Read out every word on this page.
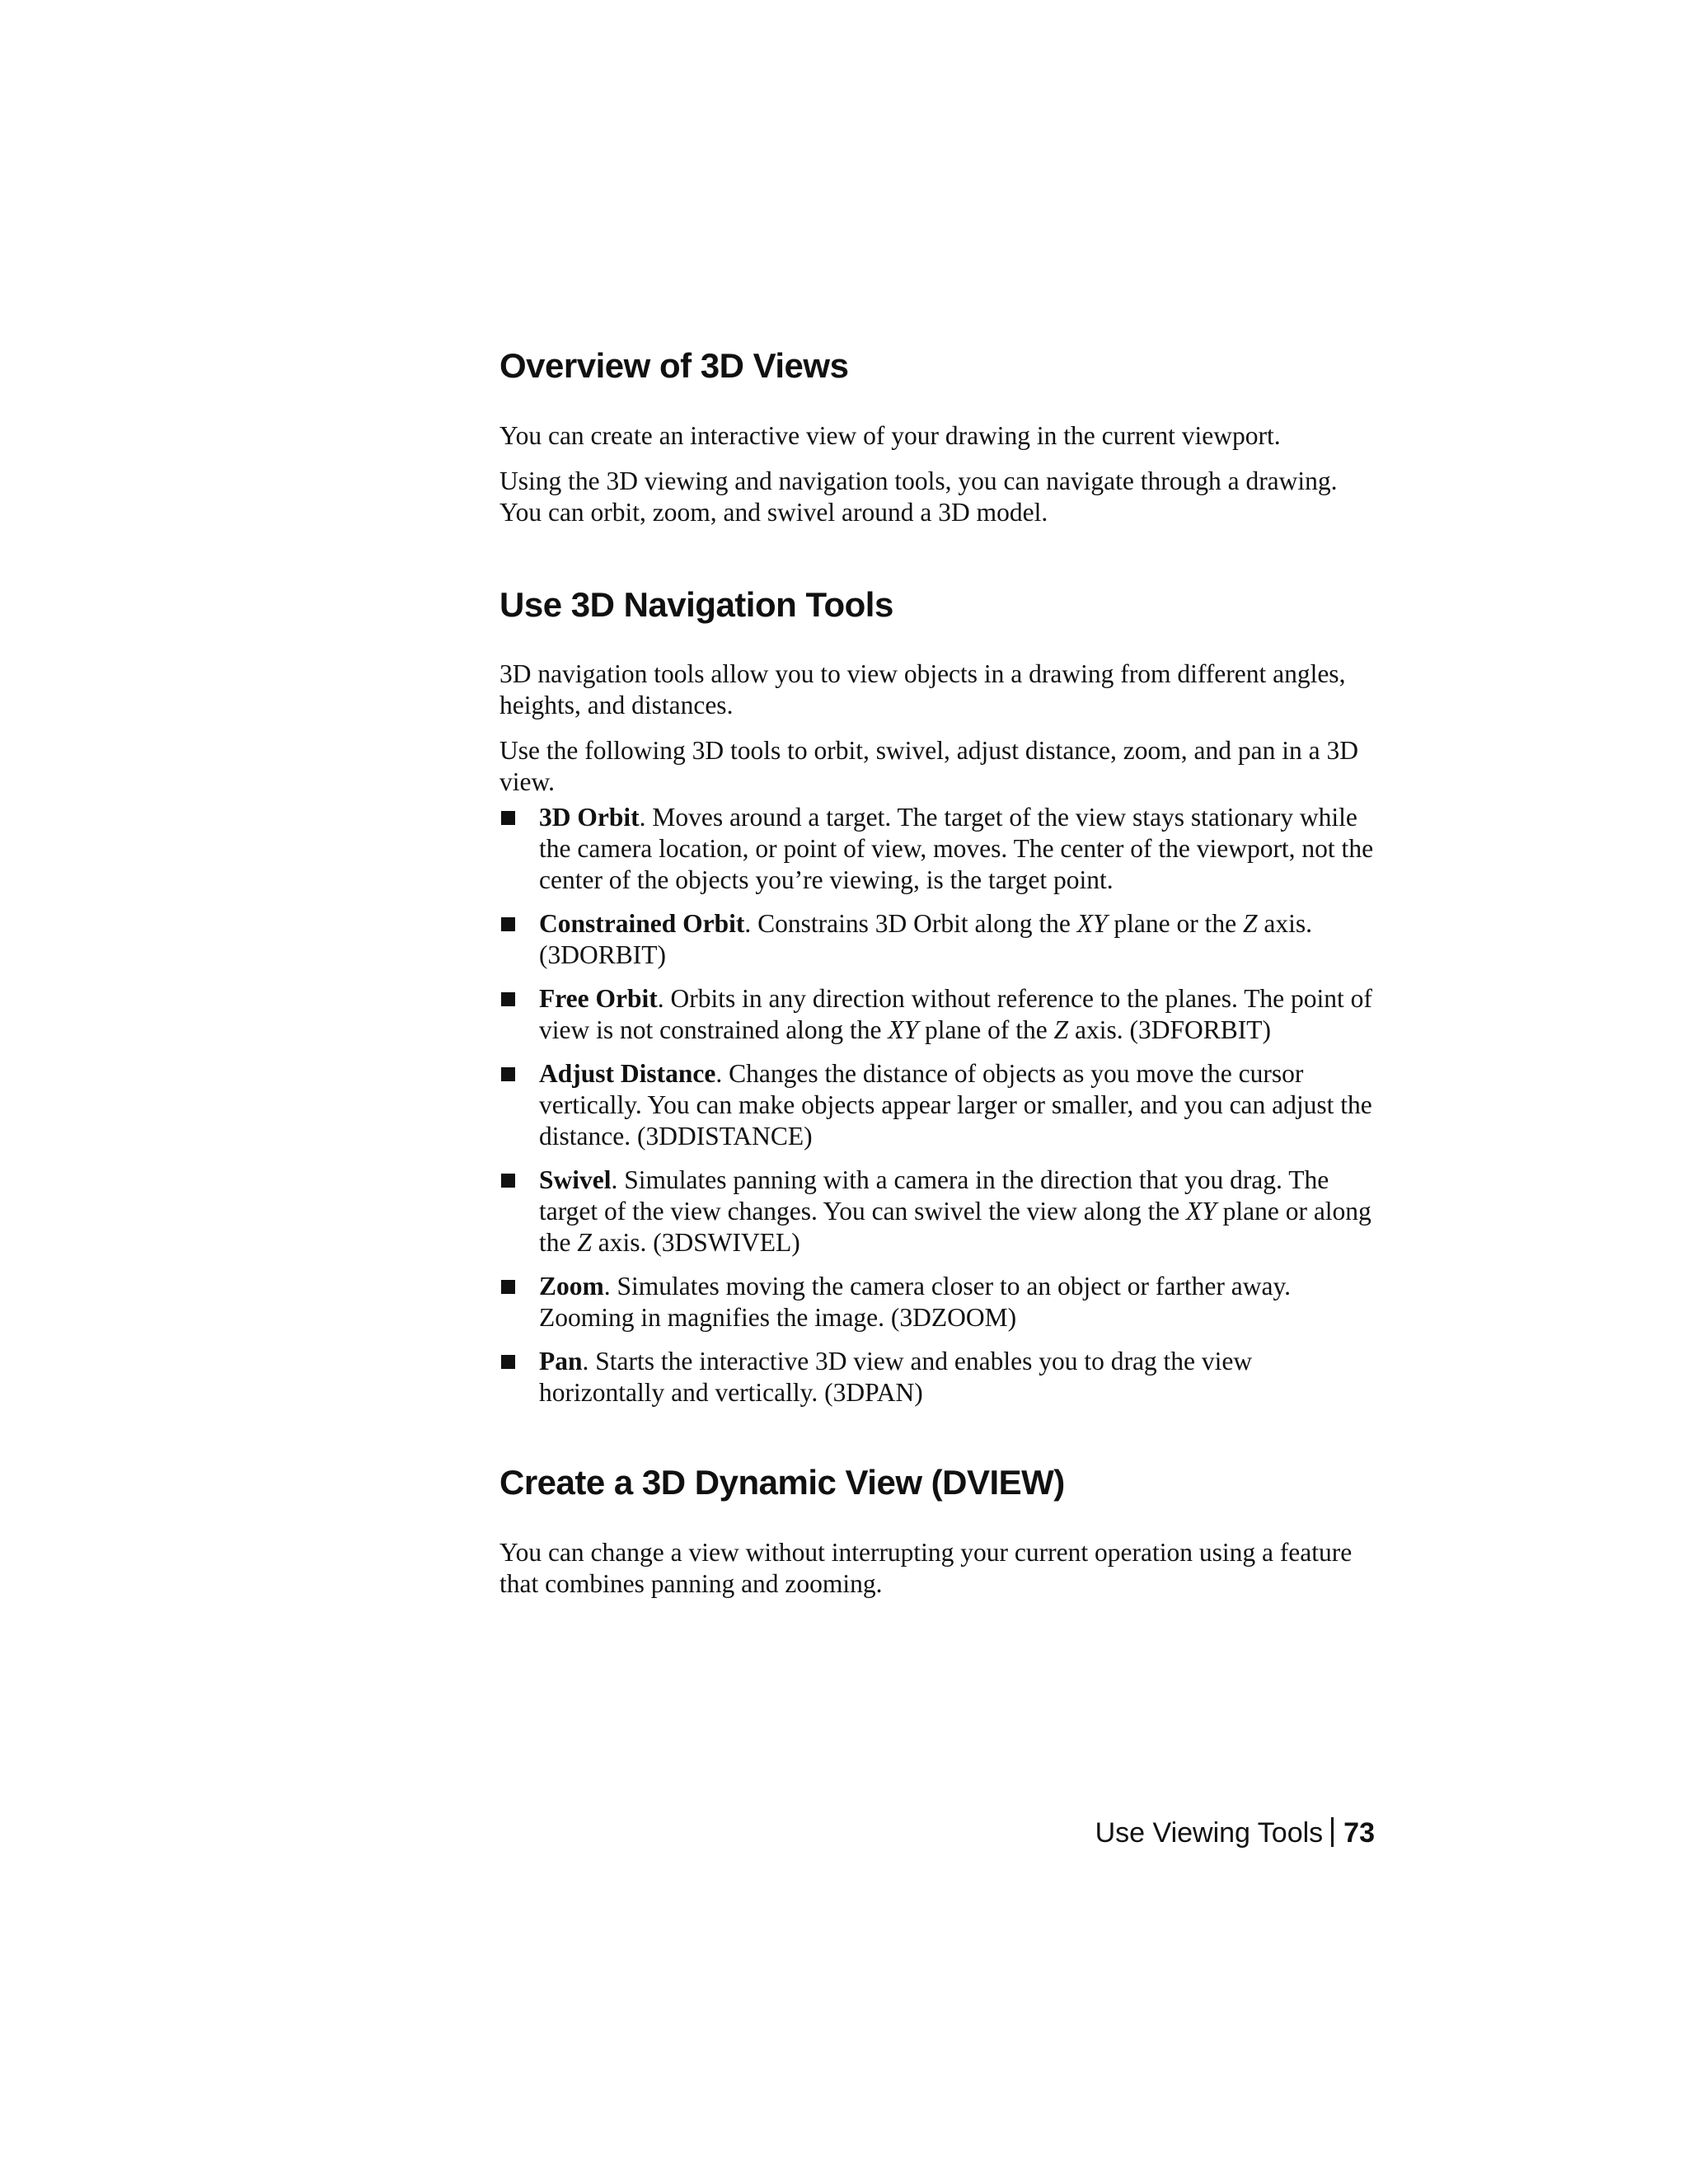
Overview of 3D Views

You can create an interactive view of your drawing in the current viewport.

Using the 3D viewing and navigation tools, you can navigate through a drawing. You can orbit, zoom, and swivel around a 3D model.

Use 3D Navigation Tools

3D navigation tools allow you to view objects in a drawing from different angles, heights, and distances.

Use the following 3D tools to orbit, swivel, adjust distance, zoom, and pan in a 3D view.

3D Orbit. Moves around a target. The target of the view stays stationary while the camera location, or point of view, moves. The center of the viewport, not the center of the objects you’re viewing, is the target point.
Constrained Orbit. Constrains 3D Orbit along the XY plane or the Z axis. (3DORBIT)
Free Orbit. Orbits in any direction without reference to the planes. The point of view is not constrained along the XY plane of the Z axis. (3DFORBIT)
Adjust Distance. Changes the distance of objects as you move the cursor vertically. You can make objects appear larger or smaller, and you can adjust the distance. (3DDISTANCE)
Swivel. Simulates panning with a camera in the direction that you drag. The target of the view changes. You can swivel the view along the XY plane or along the Z axis. (3DSWIVEL)
Zoom. Simulates moving the camera closer to an object or farther away. Zooming in magnifies the image. (3DZOOM)
Pan. Starts the interactive 3D view and enables you to drag the view horizontally and vertically. (3DPAN)
Create a 3D Dynamic View (DVIEW)

You can change a view without interrupting your current operation using a feature that combines panning and zooming.

Use Viewing Tools 73
